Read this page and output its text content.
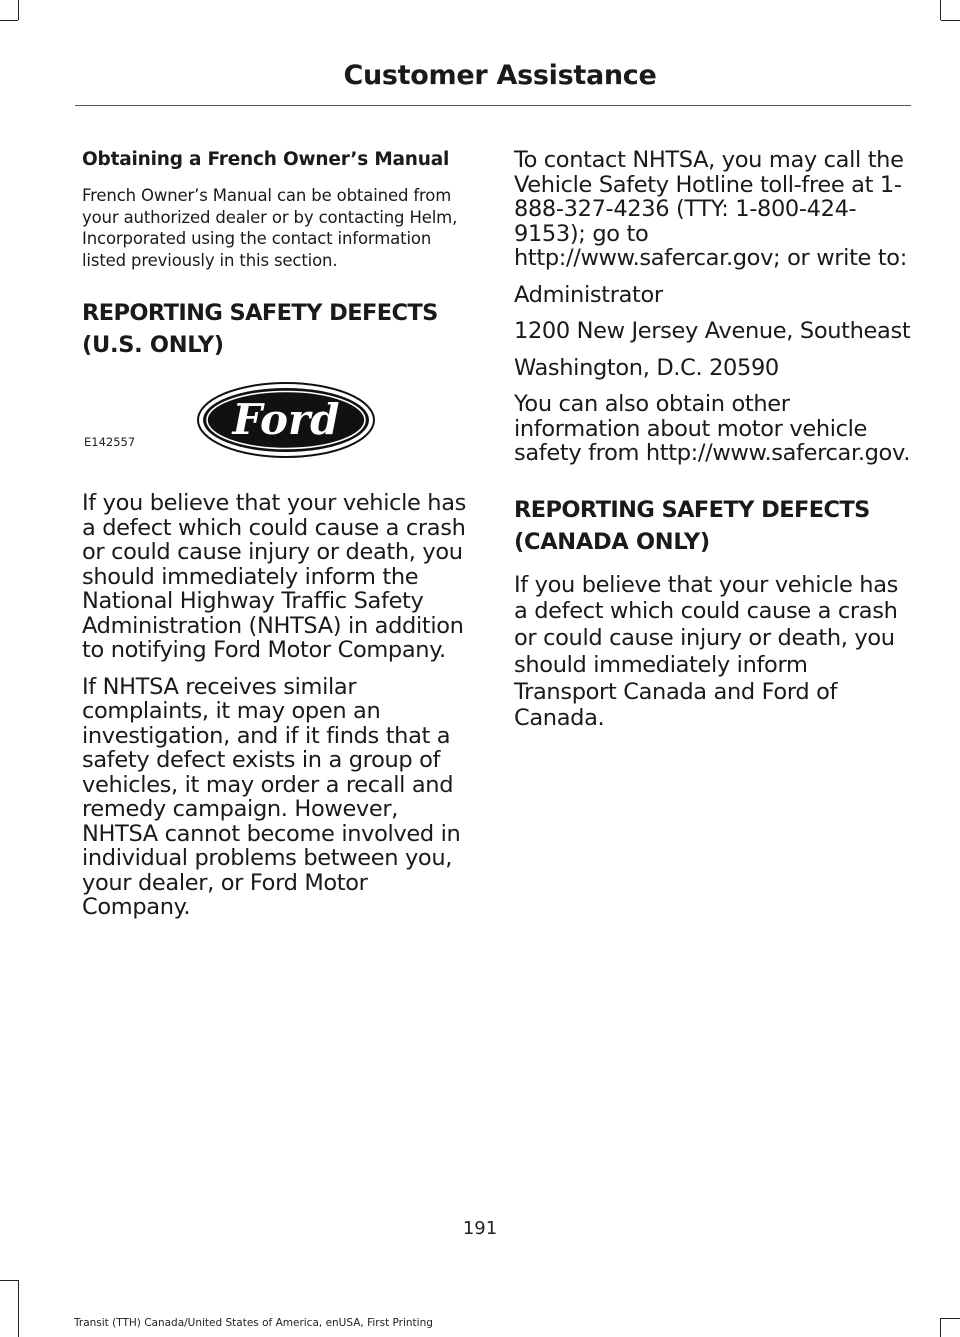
Customer Assistance

Obtaining a French Owner’s Manual

French Owner’s Manual can be obtained from your authorized dealer or by contacting Helm, Incorporated using the contact information listed previously in this section.

REPORTING SAFETY DEFECTS

(U.S. ONLY)

Ford
E142557

If you believe that your vehicle has a defect which could cause a crash or could cause injury or death, you should immediately inform the National Highway Traffic Safety Administration (NHTSA) in addition to notifying Ford Motor Company.

If NHTSA receives similar complaints, it may open an investigation, and if it finds that a safety defect exists in a group of vehicles, it may order a recall and remedy campaign. However, NHTSA cannot become involved in individual problems between you, your dealer, or Ford Motor Company.

To contact NHTSA, you may call the Vehicle Safety Hotline toll-free at 1-888-327-4236 (TTY: 1-800-424-9153); go to http://www.safercar.gov; or write to:

Administrator

1200 New Jersey Avenue, Southeast

Washington, D.C. 20590

You can also obtain other information about motor vehicle safety from http://www.safercar.gov.

REPORTING SAFETY DEFECTS

(CANADA ONLY)

If you believe that your vehicle has a defect which could cause a crash or could cause injury or death, you should immediately inform Transport Canada and Ford of Canada.

191
Transit (TTH) Canada/United States of America, enUSA, First Printing
